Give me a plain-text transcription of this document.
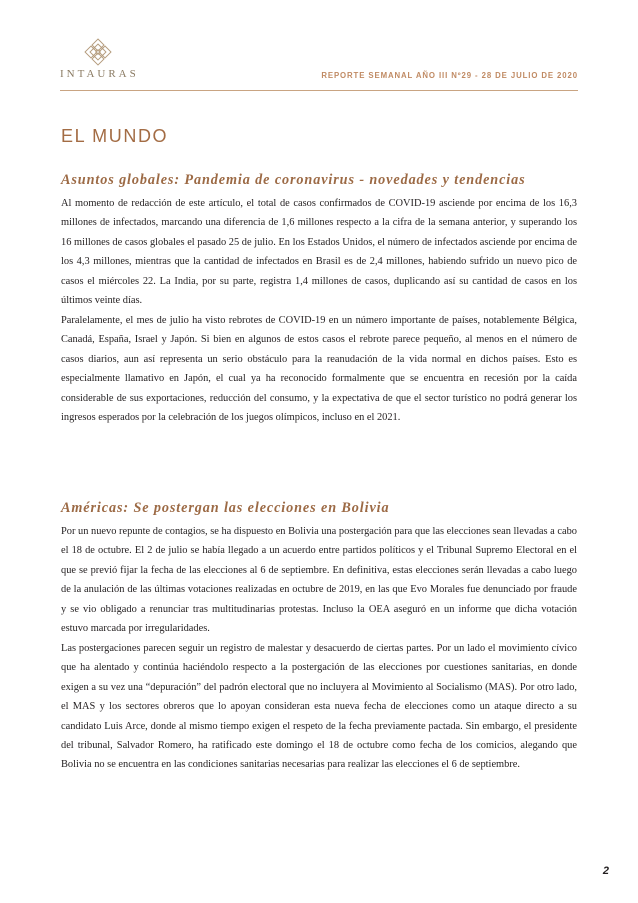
INTAURAS	REPORTE SEMANAL AÑO III Nº29 - 28 DE JULIO DE 2020
EL MUNDO
Asuntos globales: Pandemia de coronavirus - novedades y tendencias

Al momento de redacción de este artículo, el total de casos confirmados de COVID-19 asciende por encima de los 16,3 millones de infectados, marcando una diferencia de 1,6 millones respecto a la cifra de la semana anterior, y superando los 16 millones de casos globales el pasado 25 de julio. En los Estados Unidos, el número de infectados asciende por encima de los 4,3 millones, mientras que la cantidad de infectados en Brasil es de 2,4 millones, habiendo sufrido un nuevo pico de casos el miércoles 22. La India, por su parte, registra 1,4 millones de casos, duplicando así su cantidad de casos en los últimos veinte días.

Paralelamente, el mes de julio ha visto rebrotes de COVID-19 en un número importante de países, notablemente Bélgica, Canadá, España, Israel y Japón. Si bien en algunos de estos casos el rebrote parece pequeño, al menos en el número de casos diarios, aun así representa un serio obstáculo para la reanudación de la vida normal en dichos países. Esto es especialmente llamativo en Japón, el cual ya ha reconocido formalmente que se encuentra en recesión por la caída considerable de sus exportaciones, reducción del consumo, y la expectativa de que el sector turístico no podrá generar los ingresos esperados por la celebración de los juegos olímpicos, incluso en el 2021.

Américas: Se postergan las elecciones en Bolivia

Por un nuevo repunte de contagios, se ha dispuesto en Bolivia una postergación para que las elecciones sean llevadas a cabo el 18 de octubre. El 2 de julio se había llegado a un acuerdo entre partidos políticos y el Tribunal Supremo Electoral en el que se previó fijar la fecha de las elecciones al 6 de septiembre. En definitiva, estas elecciones serán llevadas a cabo luego de la anulación de las últimas votaciones realizadas en octubre de 2019, en las que Evo Morales fue denunciado por fraude y se vio obligado a renunciar tras multitudinarias protestas. Incluso la OEA aseguró en un informe que dicha votación estuvo marcada por irregularidades.

Las postergaciones parecen seguir un registro de malestar y desacuerdo de ciertas partes. Por un lado el movimiento cívico que ha alentado y continúa haciéndolo respecto a la postergación de las elecciones por cuestiones sanitarias, en donde exigen a su vez una “depuración” del padrón electoral que no incluyera al Movimiento al Socialismo (MAS). Por otro lado, el MAS y los sectores obreros que lo apoyan consideran esta nueva fecha de elecciones como un ataque directo a su candidato Luis Arce, donde al mismo tiempo exigen el respeto de la fecha previamente pactada. Sin embargo, el presidente del tribunal, Salvador Romero, ha ratificado este domingo el 18 de octubre como fecha de los comicios, alegando que Bolivia no se encuentra en las condiciones sanitarias necesarias para realizar las elecciones el 6 de septiembre.

2
